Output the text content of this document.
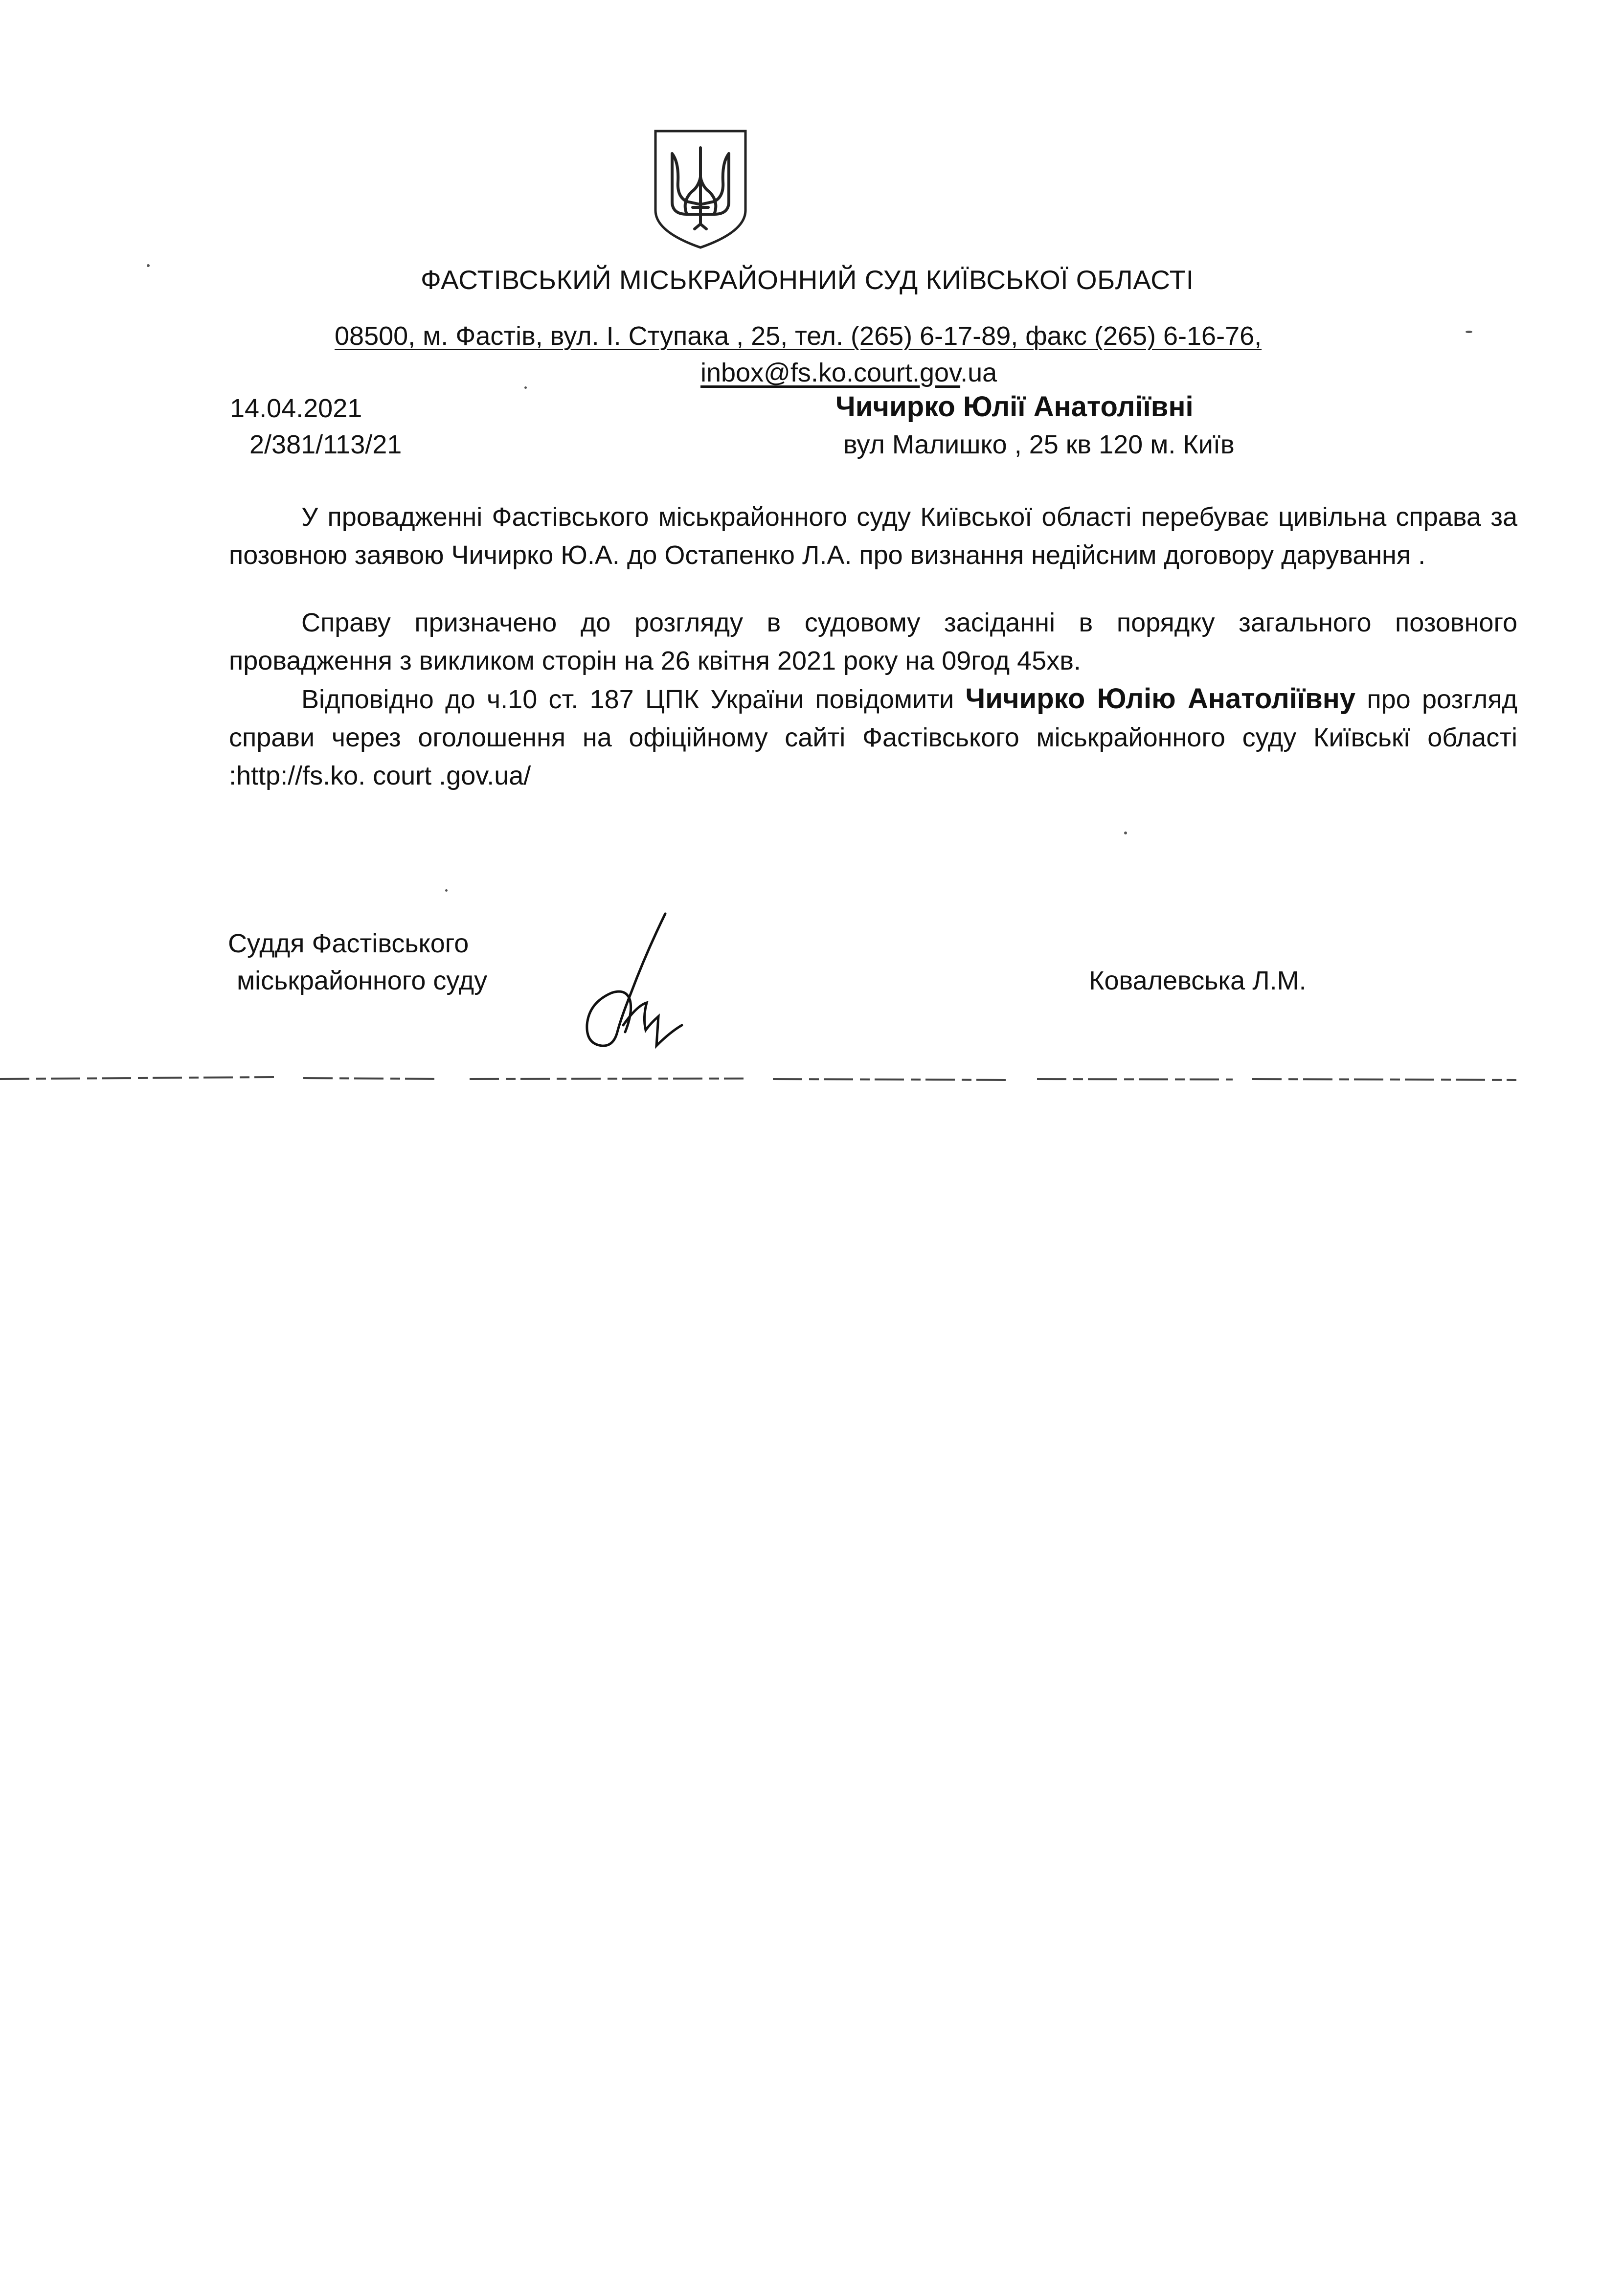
ФАСТІВСЬКИЙ МІСЬКРАЙОННИЙ СУД КИЇВСЬКОЇ ОБЛАСТІ
08500, м. Фастів, вул. І. Ступака , 25, тел. (265) 6-17-89, факс (265) 6-16-76,
inbox@fs.ko.court.gov.ua
14.04.2021
2/381/113/21
Чичирко Юлії Анатоліївні
вул Малишко , 25 кв 120 м. Київ
У провадженні Фастівського міськрайонного суду Київської області перебуває цивільна справа за позовною заявою Чичирко Ю.А. до Остапенко Л.А. про визнання недійсним договору дарування .
Справу призначено до розгляду в судовому засіданні в порядку загального позовного провадження з викликом сторін на 26 квітня 2021 року на 09год 45хв.
Відповідно до ч.10 ст. 187 ЦПК України повідомити Чичирко Юлію Анатоліївну про розгляд справи через оголошення на офіційному сайті Фастівського міськрайонного суду Київськї області :http://fs.ko. court .gov.ua/
Суддя Фастівського
міськрайонного суду	Ковалевська Л.М.
